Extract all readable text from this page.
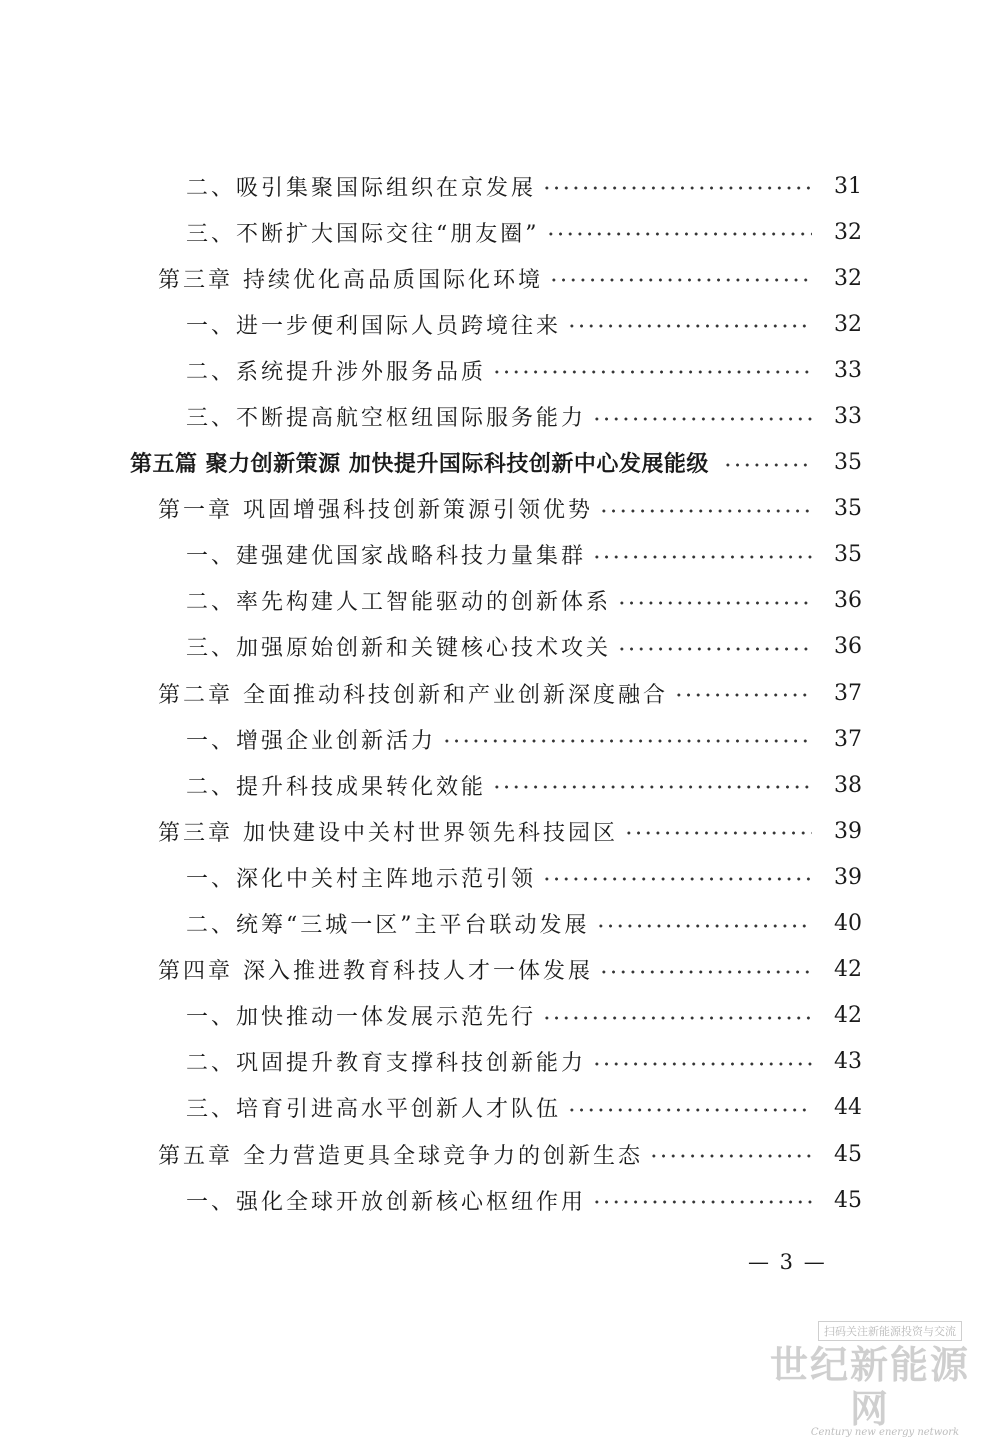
二、吸引集聚国际组织在京发展	31
三、不断扩大国际交往“朋友圈”	32
第三章 持续优化高品质国际化环境	32
一、进一步便利国际人员跨境往来	32
二、系统提升涉外服务品质	33
三、不断提高航空枢纽国际服务能力	33
第五篇 聚力创新策源 加快提升国际科技创新中心发展能级	35
第一章 巩固增强科技创新策源引领优势	35
一、建强建优国家战略科技力量集群	35
二、率先构建人工智能驱动的创新体系	36
三、加强原始创新和关键核心技术攻关	36
第二章 全面推动科技创新和产业创新深度融合	37
一、增强企业创新活力	37
二、提升科技成果转化效能	38
第三章 加快建设中关村世界领先科技园区	39
一、深化中关村主阵地示范引领	39
二、统筹“三城一区”主平台联动发展	40
第四章 深入推进教育科技人才一体发展	42
一、加快推动一体发展示范先行	42
二、巩固提升教育支撑科技创新能力	43
三、培育引进高水平创新人才队伍	44
第五章 全力营造更具全球竞争力的创新生态	45
一、强化全球开放创新核心枢纽作用	45
— 3 —
扫码关注新能源投资与交流
世纪新能源网
Century new energy network
